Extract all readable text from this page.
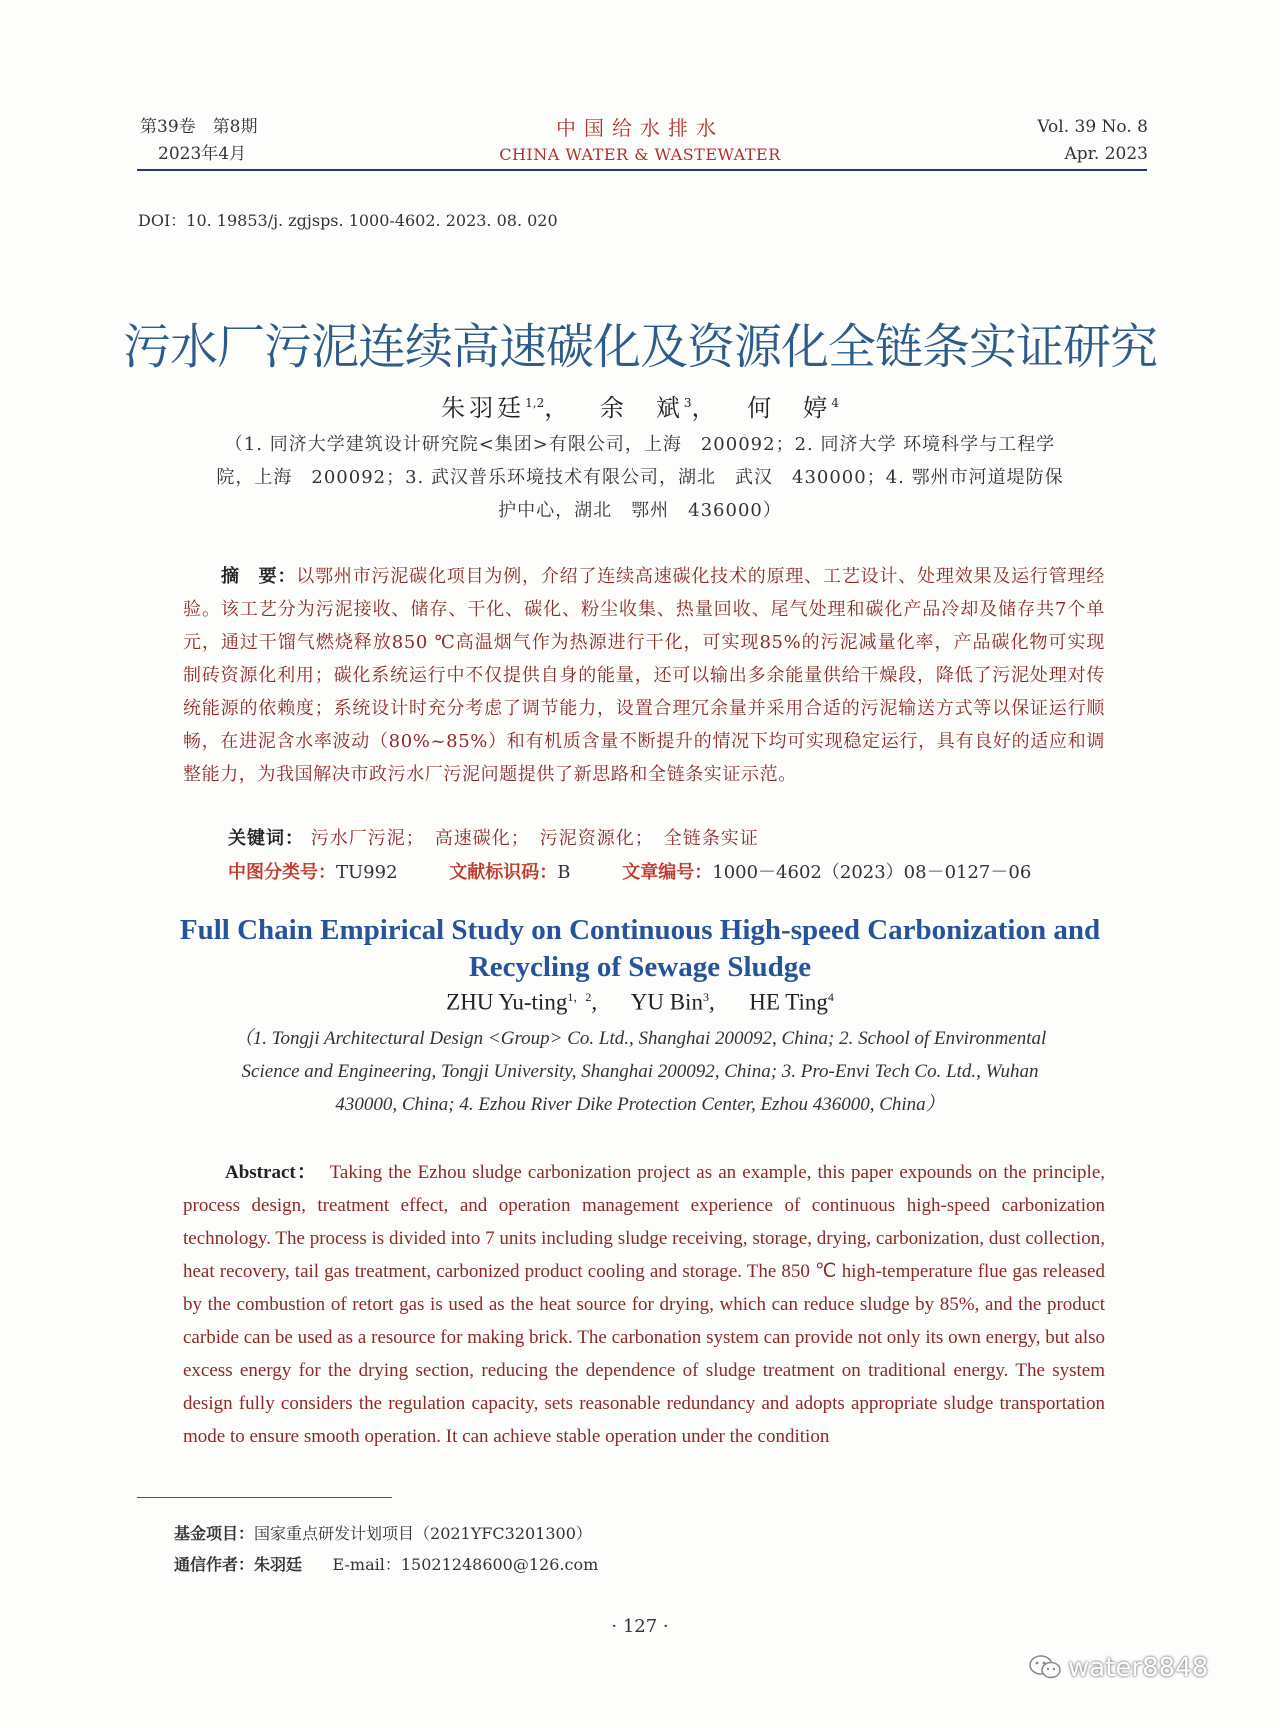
第39卷　第8期
2023年4月
中国给水排水
CHINA WATER & WASTEWATER
Vol. 39 No. 8
Apr. 2023
DOI：10. 19853/j. zgjsps. 1000-4602. 2023. 08. 020
污水厂污泥连续高速碳化及资源化全链条实证研究
朱羽廷$^{1,2}$，　 余　斌$^3$，　 何　婷$^4$
（1. 同济大学建筑设计研究院<集团>有限公司，上海　200092；2. 同济大学 环境科学与工程学院，上海　200092；3. 武汉普乐环境技术有限公司，湖北　武汉　430000；4. 鄂州市河道堤防保护中心，湖北　鄂州　436000）
摘　要：以鄂州市污泥碳化项目为例，介绍了连续高速碳化技术的原理、工艺设计、处理效果及运行管理经验。该工艺分为污泥接收、储存、干化、碳化、粉尘收集、热量回收、尾气处理和碳化产品冷却及储存共7个单元，通过干馏气燃烧释放850 ℃高温烟气作为热源进行干化，可实现85%的污泥减量化率，产品碳化物可实现制砖资源化利用；碳化系统运行中不仅提供自身的能量，还可以输出多余能量供给干燥段，降低了污泥处理对传统能源的依赖度；系统设计时充分考虑了调节能力，设置合理冗余量并采用合适的污泥输送方式等以保证运行顺畅，在进泥含水率波动（80%~85%）和有机质含量不断提升的情况下均可实现稳定运行，具有良好的适应和调整能力，为我国解决市政污水厂污泥问题提供了新思路和全链条实证示范。
关键词： 污水厂污泥；　高速碳化；　污泥资源化；　全链条实证
中图分类号：TU992	文献标识码：B	文章编号：1000－4602（2023）08－0127－06
Full Chain Empirical Study on Continuous High-speed Carbonization and
Recycling of Sewage Sludge
ZHU Yu-ting$^{1,2}$,      YU Bin$^3$,      HE Ting$^4$
（1. Tongji Architectural Design <Group> Co. Ltd., Shanghai 200092, China; 2. School of Environmental Science and Engineering, Tongji University, Shanghai 200092, China; 3. Pro-Envi Tech Co. Ltd., Wuhan 430000, China; 4. Ezhou River Dike Protection Center, Ezhou 436000, China）
Abstract： Taking the Ezhou sludge carbonization project as an example, this paper expounds on the principle, process design, treatment effect, and operation management experience of continuous high-speed carbonization technology. The process is divided into 7 units including sludge receiving, storage, drying, carbonization, dust collection, heat recovery, tail gas treatment, carbonized product cooling and storage. The 850 ℃ high-temperature flue gas released by the combustion of retort gas is used as the heat source for drying, which can reduce sludge by 85%, and the product carbide can be used as a resource for making brick. The carbonation system can provide not only its own energy, but also excess energy for the drying section, reducing the dependence of sludge treatment on traditional energy. The system design fully considers the regulation capacity, sets reasonable redundancy and adopts appropriate sludge transportation mode to ensure smooth operation. It can achieve stable operation under the condition
基金项目：国家重点研发计划项目（2021YFC3201300）
通信作者：朱羽廷 E-mail：15021248600@126.com
· 127 ·
water8848
